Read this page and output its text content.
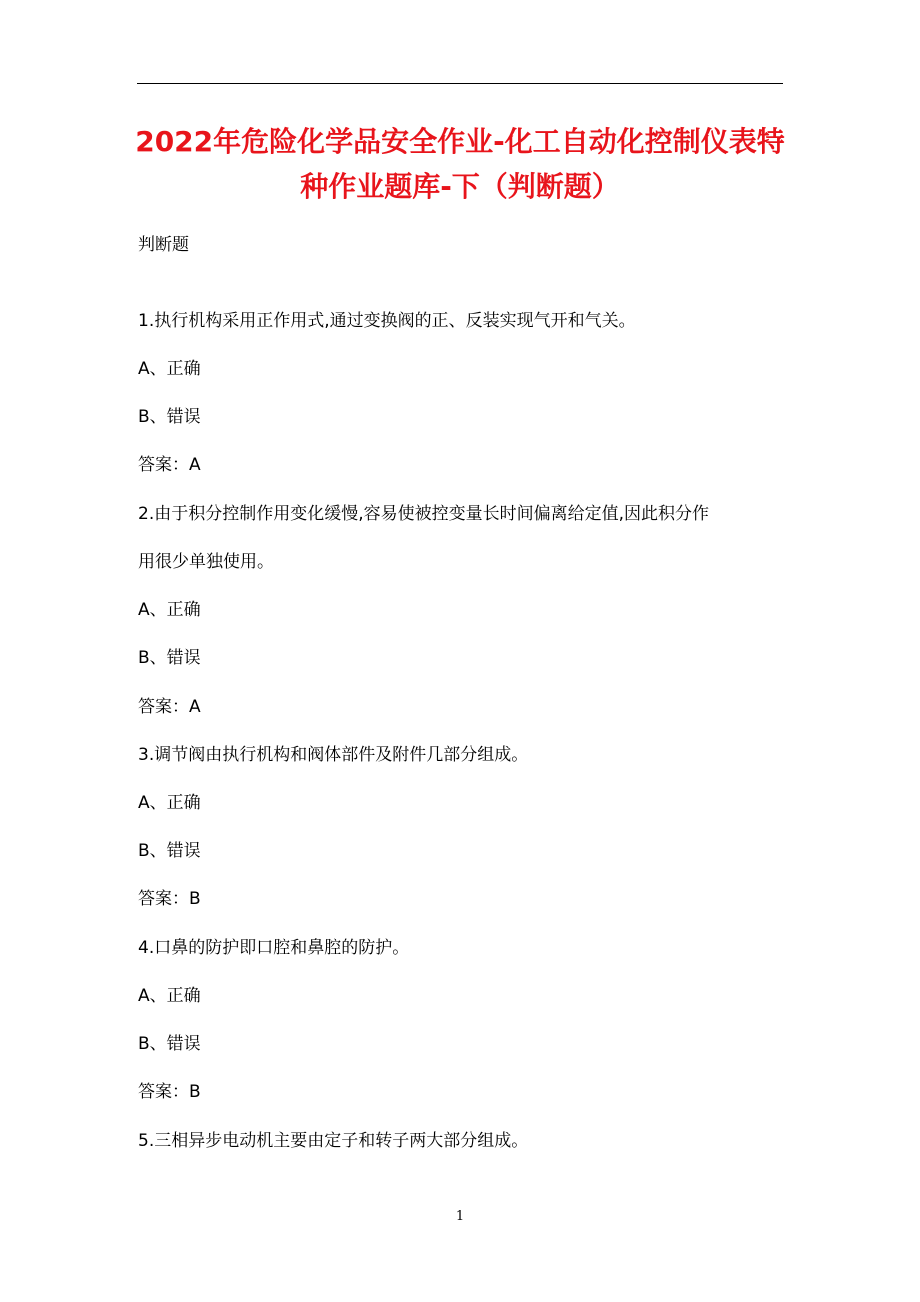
2022年危险化学品安全作业-化工自动化控制仪表特
种作业题库-下（判断题）

判断题

1.执行机构采用正作用式,通过变换阀的正、反装实现气开和气关。

A、正确

B、错误

答案：A

2.由于积分控制作用变化缓慢,容易使被控变量长时间偏离给定值,因此积分作

用很少单独使用。

A、正确

B、错误

答案：A

3.调节阀由执行机构和阀体部件及附件几部分组成。

A、正确

B、错误

答案：B

4.口鼻的防护即口腔和鼻腔的防护。

A、正确

B、错误

答案：B

5.三相异步电动机主要由定子和转子两大部分组成。

1
